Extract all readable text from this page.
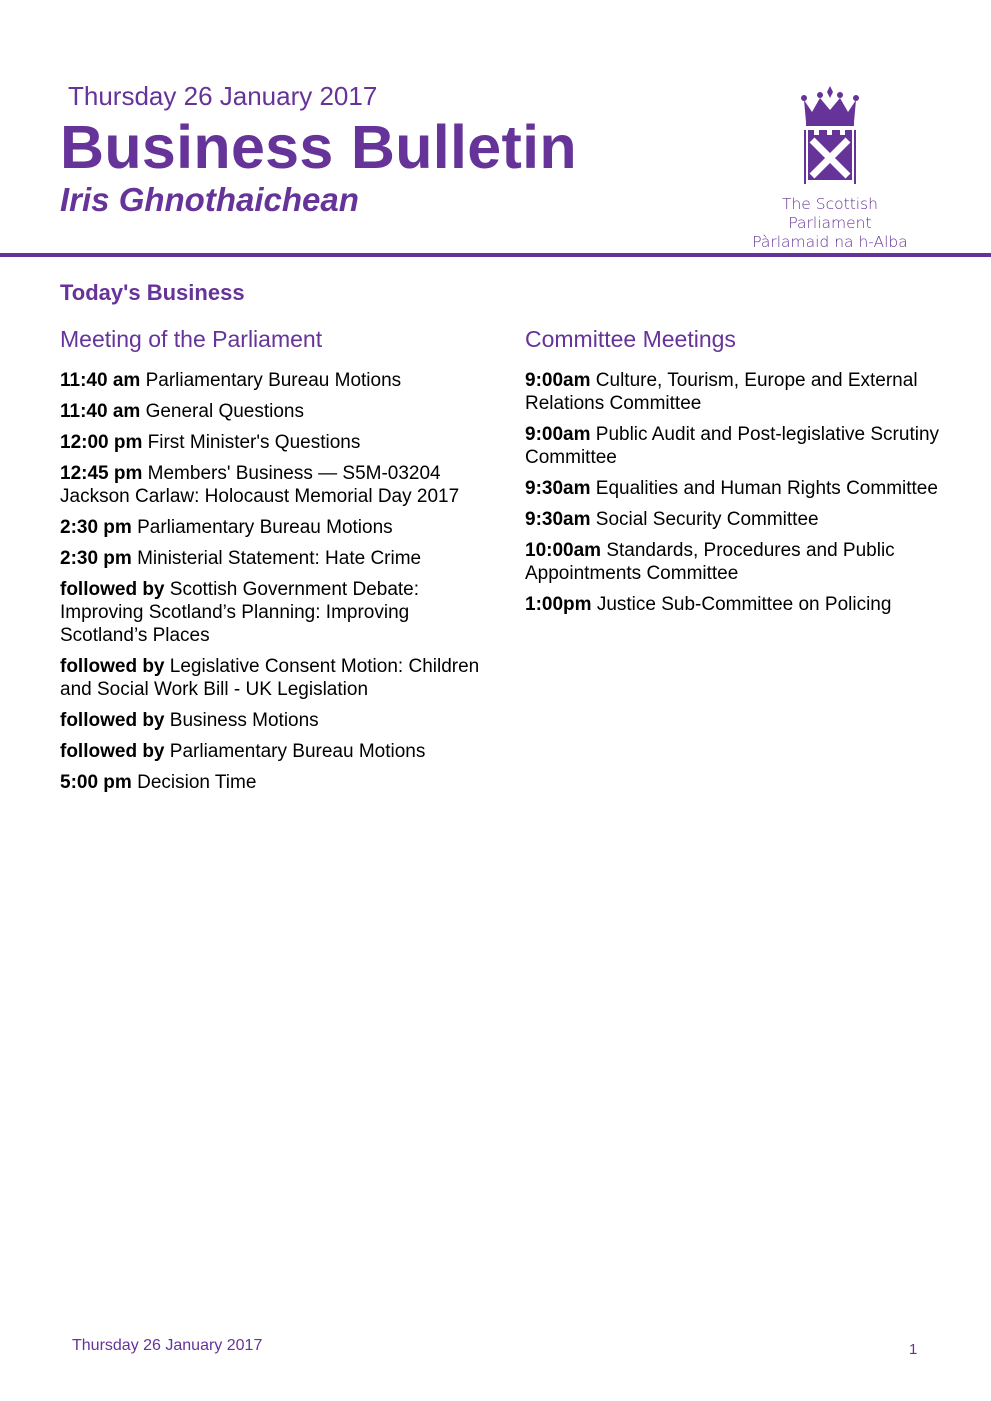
Thursday 26 January 2017
Business Bulletin
Iris Ghnothaichean	The Scottish Parliament
Pàrlamaid na h-Alba
Today's Business
Meeting of the Parliament
11:40 am Parliamentary Bureau Motions
11:40 am General Questions
12:00 pm First Minister's Questions
12:45 pm Members' Business — S5M-03204 Jackson Carlaw: Holocaust Memorial Day 2017
2:30 pm Parliamentary Bureau Motions
2:30 pm Ministerial Statement: Hate Crime
followed by Scottish Government Debate: Improving Scotland’s Planning: Improving Scotland’s Places
followed by Legislative Consent Motion: Children and Social Work Bill - UK Legislation
followed by Business Motions
followed by Parliamentary Bureau Motions
5:00 pm Decision Time
Committee Meetings
9:00am Culture, Tourism, Europe and External Relations Committee
9:00am Public Audit and Post-legislative Scrutiny Committee
9:30am Equalities and Human Rights Committee
9:30am Social Security Committee
10:00am Standards, Procedures and Public Appointments Committee
1:00pm Justice Sub-Committee on Policing
Thursday 26 January 2017	1
